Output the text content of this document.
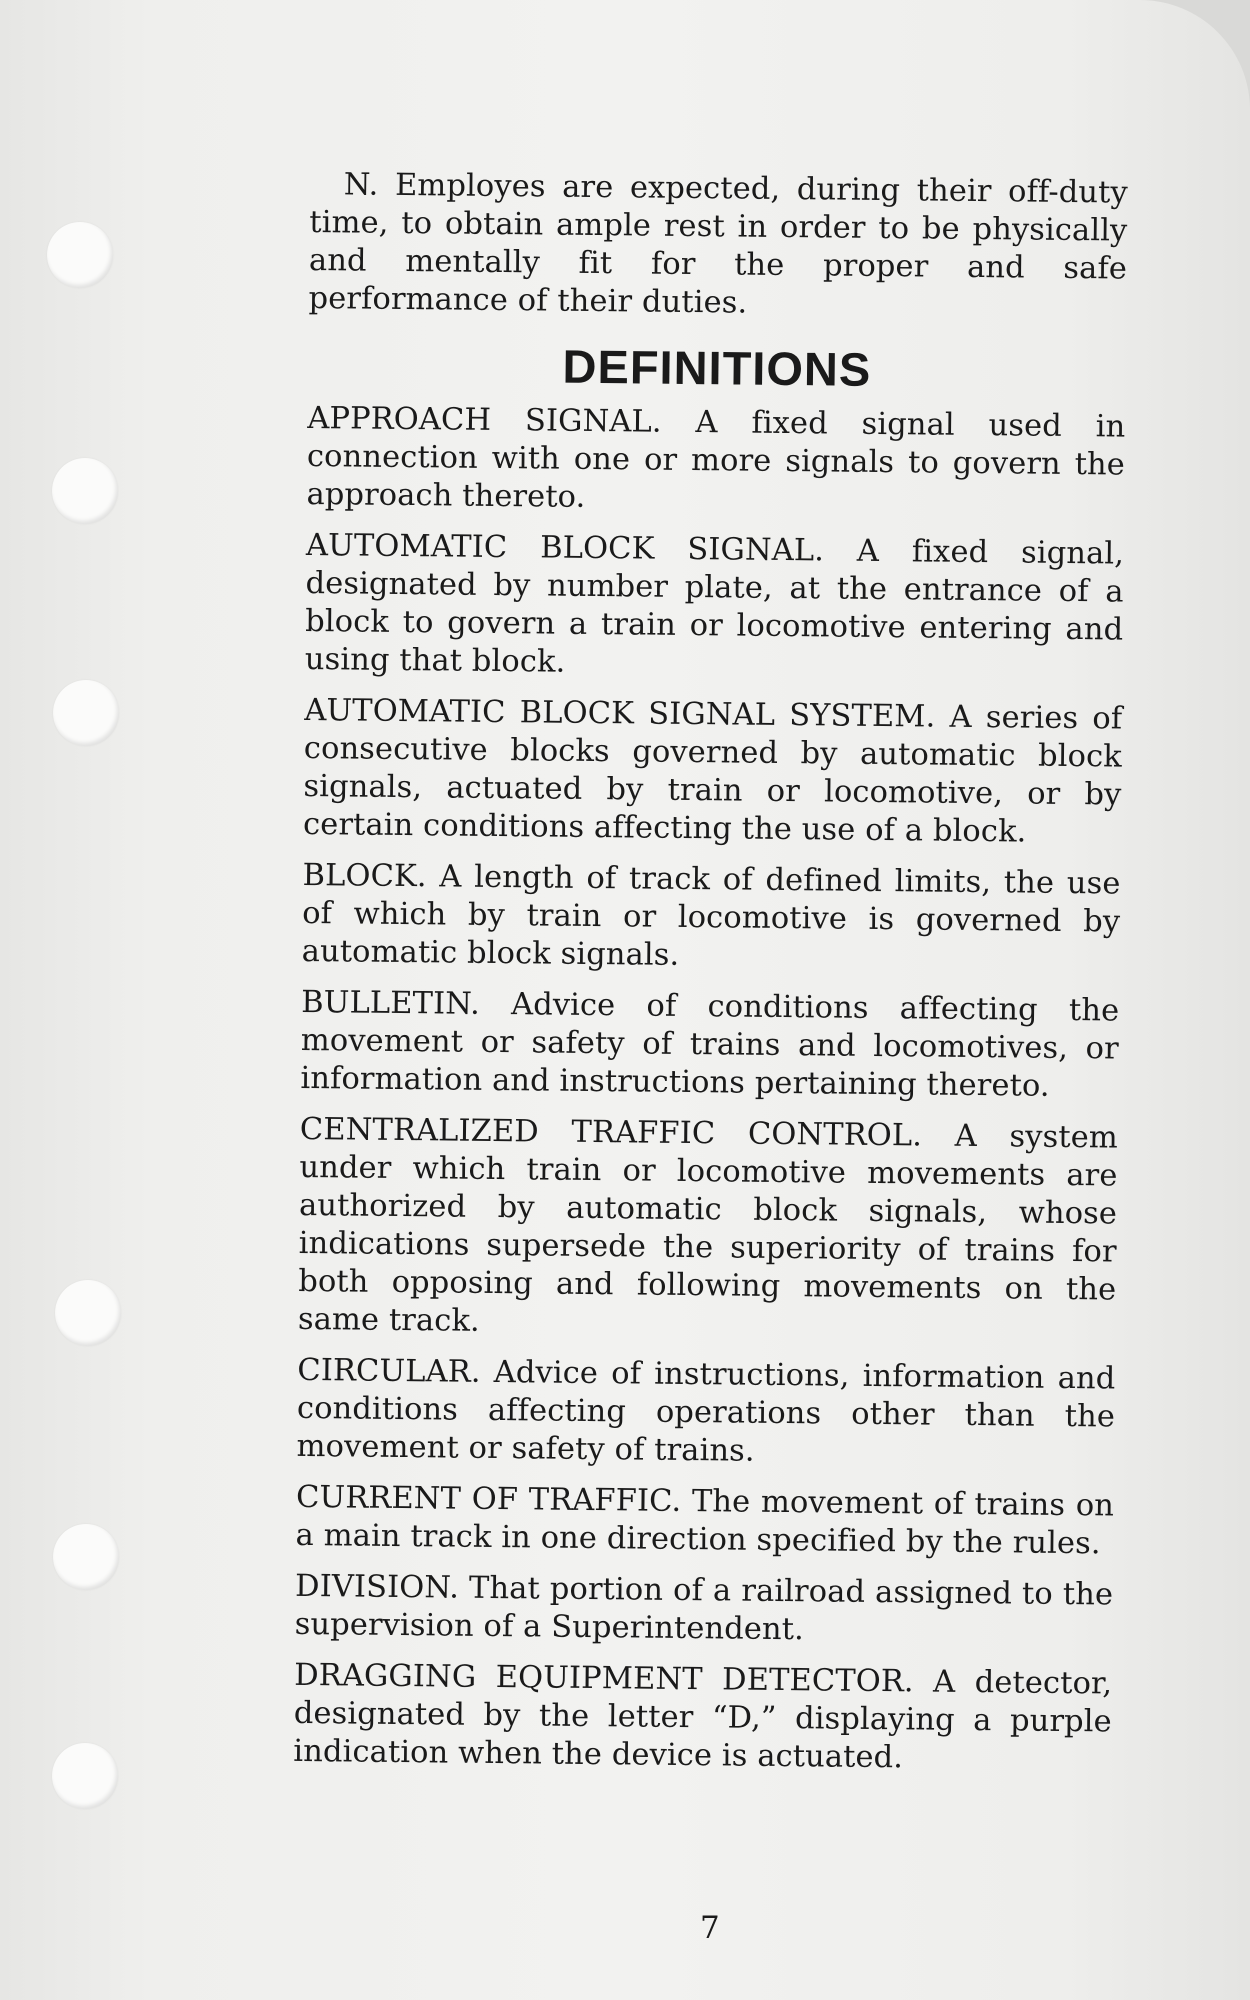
N. Employes are expected, during their off-duty time, to obtain ample rest in order to be physically and mentally fit for the proper and safe performance of their duties.

DEFINITIONS

APPROACH SIGNAL. A fixed signal used in connection with one or more signals to govern the approach thereto.

AUTOMATIC BLOCK SIGNAL. A fixed signal, designated by number plate, at the entrance of a block to govern a train or locomotive entering and using that block.

AUTOMATIC BLOCK SIGNAL SYSTEM. A series of consecutive blocks governed by automatic block signals, actuated by train or locomotive, or by certain conditions affecting the use of a block.

BLOCK. A length of track of defined limits, the use of which by train or locomotive is governed by automatic block signals.

BULLETIN. Advice of conditions affecting the movement or safety of trains and locomotives, or information and instructions pertaining thereto.

CENTRALIZED TRAFFIC CONTROL. A system under which train or locomotive movements are authorized by automatic block signals, whose indications supersede the superiority of trains for both opposing and following movements on the same track.

CIRCULAR. Advice of instructions, information and conditions affecting operations other than the movement or safety of trains.

CURRENT OF TRAFFIC. The movement of trains on a main track in one direction specified by the rules.

DIVISION. That portion of a railroad assigned to the supervision of a Superintendent.

DRAGGING EQUIPMENT DETECTOR. A detector, designated by the letter “D,” displaying a purple indication when the device is actuated.

7
